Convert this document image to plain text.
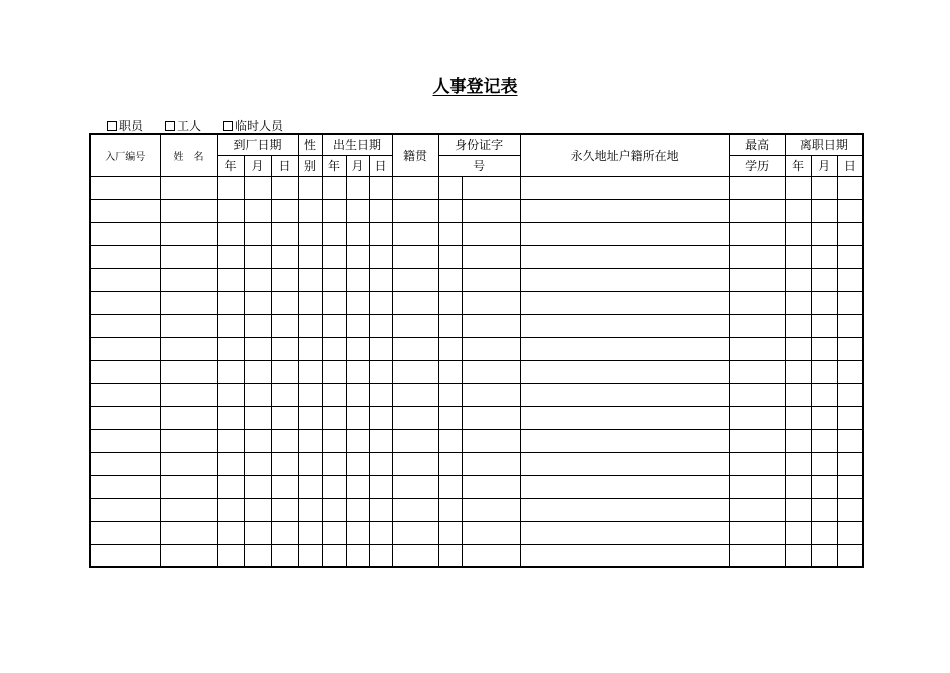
人事登记表
职员	工人	临时人员
入厂编号	姓　名	到厂日期			性	出生日期			籍贯	身份证字		永久地址户籍所在地	最高	离职日期		
		年	月	日	别	年	月	日		号			学历	年	月	日
